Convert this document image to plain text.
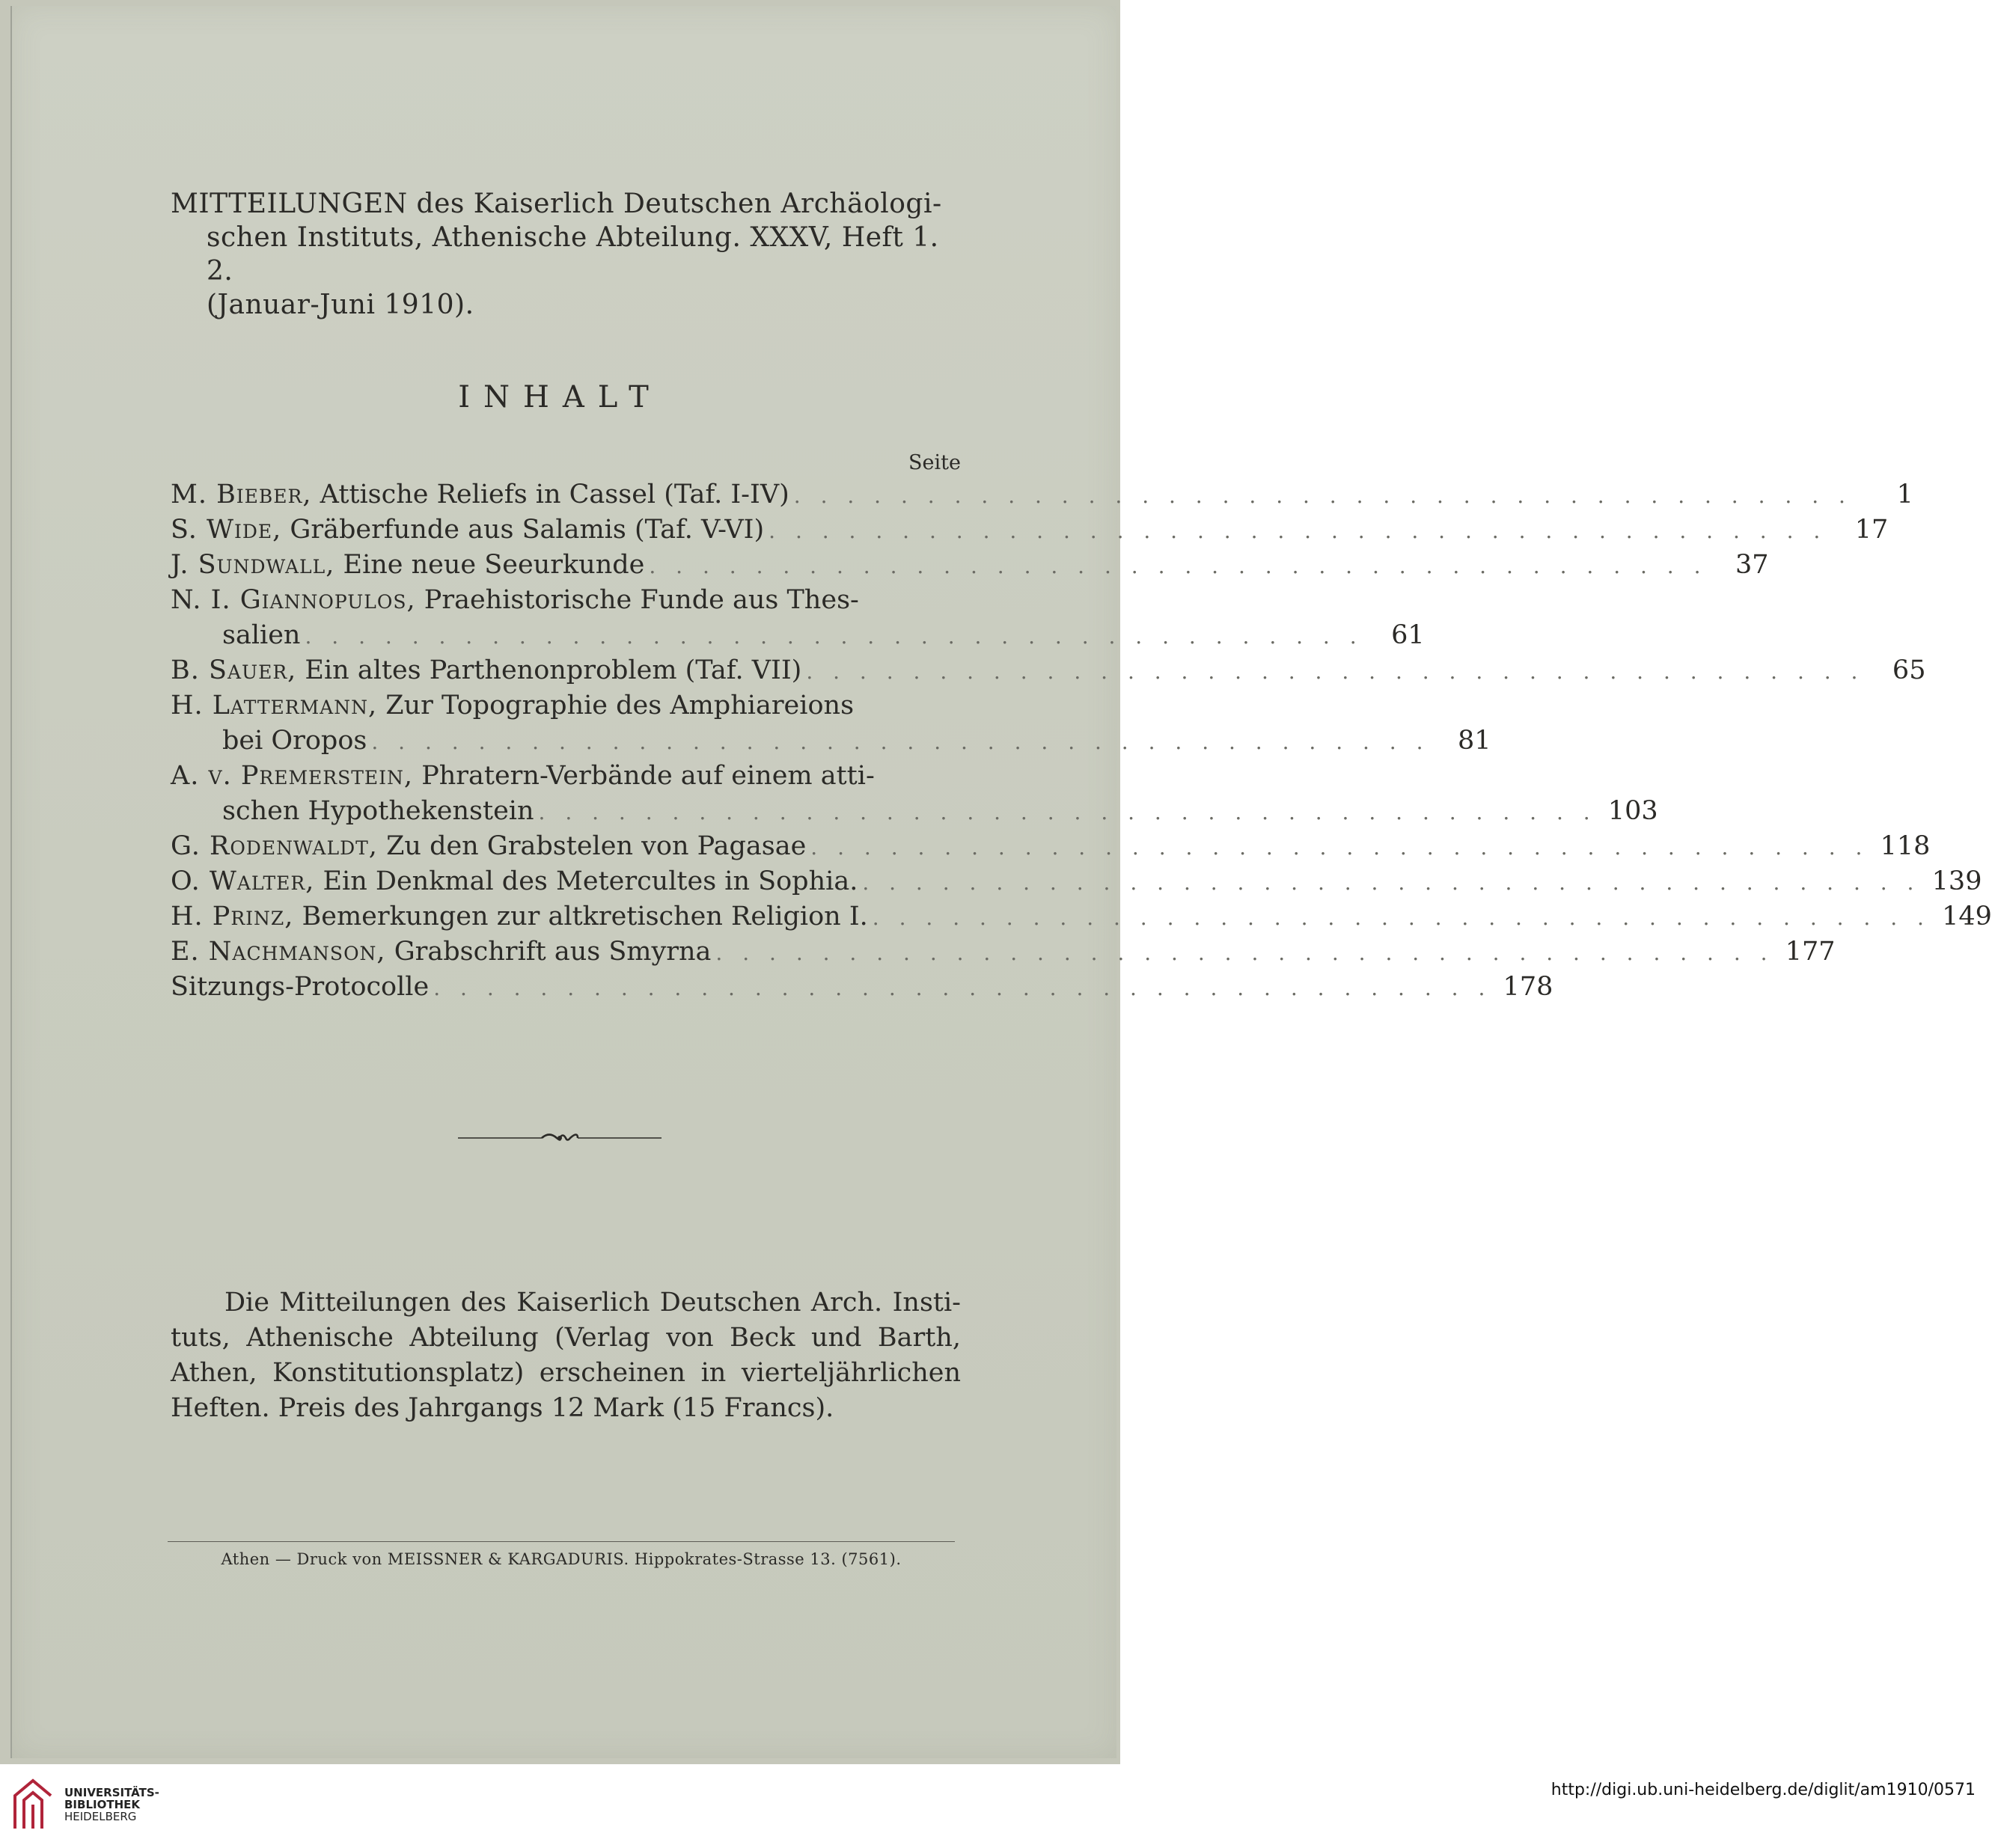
MITTEILUNGEN des Kaiserlich Deutschen Archäologi-
schen Instituts, Athenische Abteilung. XXXV, Heft 1. 2.
(Januar-Juni 1910).
INHALT
Seite
M. Bieber, Attische Reliefs in Cassel (Taf. I-IV) . . . . . . . . . . . . . . . . . . . . . . . . . . . . . . . . . . . . . . . .	1
S. Wide, Gräberfunde aus Salamis (Taf. V-VI) . . . . . . . . . . . . . . . . . . . . . . . . . . . . . . . . . . . . . . . .	17
J. Sundwall, Eine neue Seeurkunde . . . . . . . . . . . . . . . . . . . . . . . . . . . . . . . . . . . . . . . .	37
N. I. Giannopulos, Praehistorische Funde aus Thes-
salien . . . . . . . . . . . . . . . . . . . . . . . . . . . . . . . . . . . . . . . .	61
B. Sauer, Ein altes Parthenonproblem (Taf. VII) . . . . . . . . . . . . . . . . . . . . . . . . . . . . . . . . . . . . . . . .	65
H. Lattermann, Zur Topographie des Amphiareions
bei Oropos . . . . . . . . . . . . . . . . . . . . . . . . . . . . . . . . . . . . . . . .	81
A. v. Premerstein, Phratern-Verbände auf einem atti-
schen Hypothekenstein . . . . . . . . . . . . . . . . . . . . . . . . . . . . . . . . . . . . . . . . 103
G. Rodenwaldt, Zu den Grabstelen von Pagasae . . . . . . . . . . . . . . . . . . . . . . . . . . . . . . . . . . . . . . . . 118
O. Walter, Ein Denkmal des Metercultes in Sophia. . . . . . . . . . . . . . . . . . . . . . . . . . . . . . . . . . . . . . . . . 139
H. Prinz, Bemerkungen zur altkretischen Religion I. . . . . . . . . . . . . . . . . . . . . . . . . . . . . . . . . . . . . . . . . 149
E. Nachmanson, Grabschrift aus Smyrna . . . . . . . . . . . . . . . . . . . . . . . . . . . . . . . . . . . . . . . . 177
Sitzungs-Protocolle . . . . . . . . . . . . . . . . . . . . . . . . . . . . . . . . . . . . . . . . 178

Die Mitteilungen des Kaiserlich Deutschen Arch. Insti-tuts, Athenische Abteilung (Verlag von Beck und Barth, Athen, Konstitutionsplatz) erscheinen in vierteljährlichen Heften. Preis des Jahrgangs 12 Mark (15 Francs).

Athen — Druck von MEISSNER & KARGADURIS. Hippokrates-Strasse 13. (7561).
UNIVERSITÄTS-
BIBLIOTHEK
HEIDELBERG
http://digi.ub.uni-heidelberg.de/diglit/am1910/0571
